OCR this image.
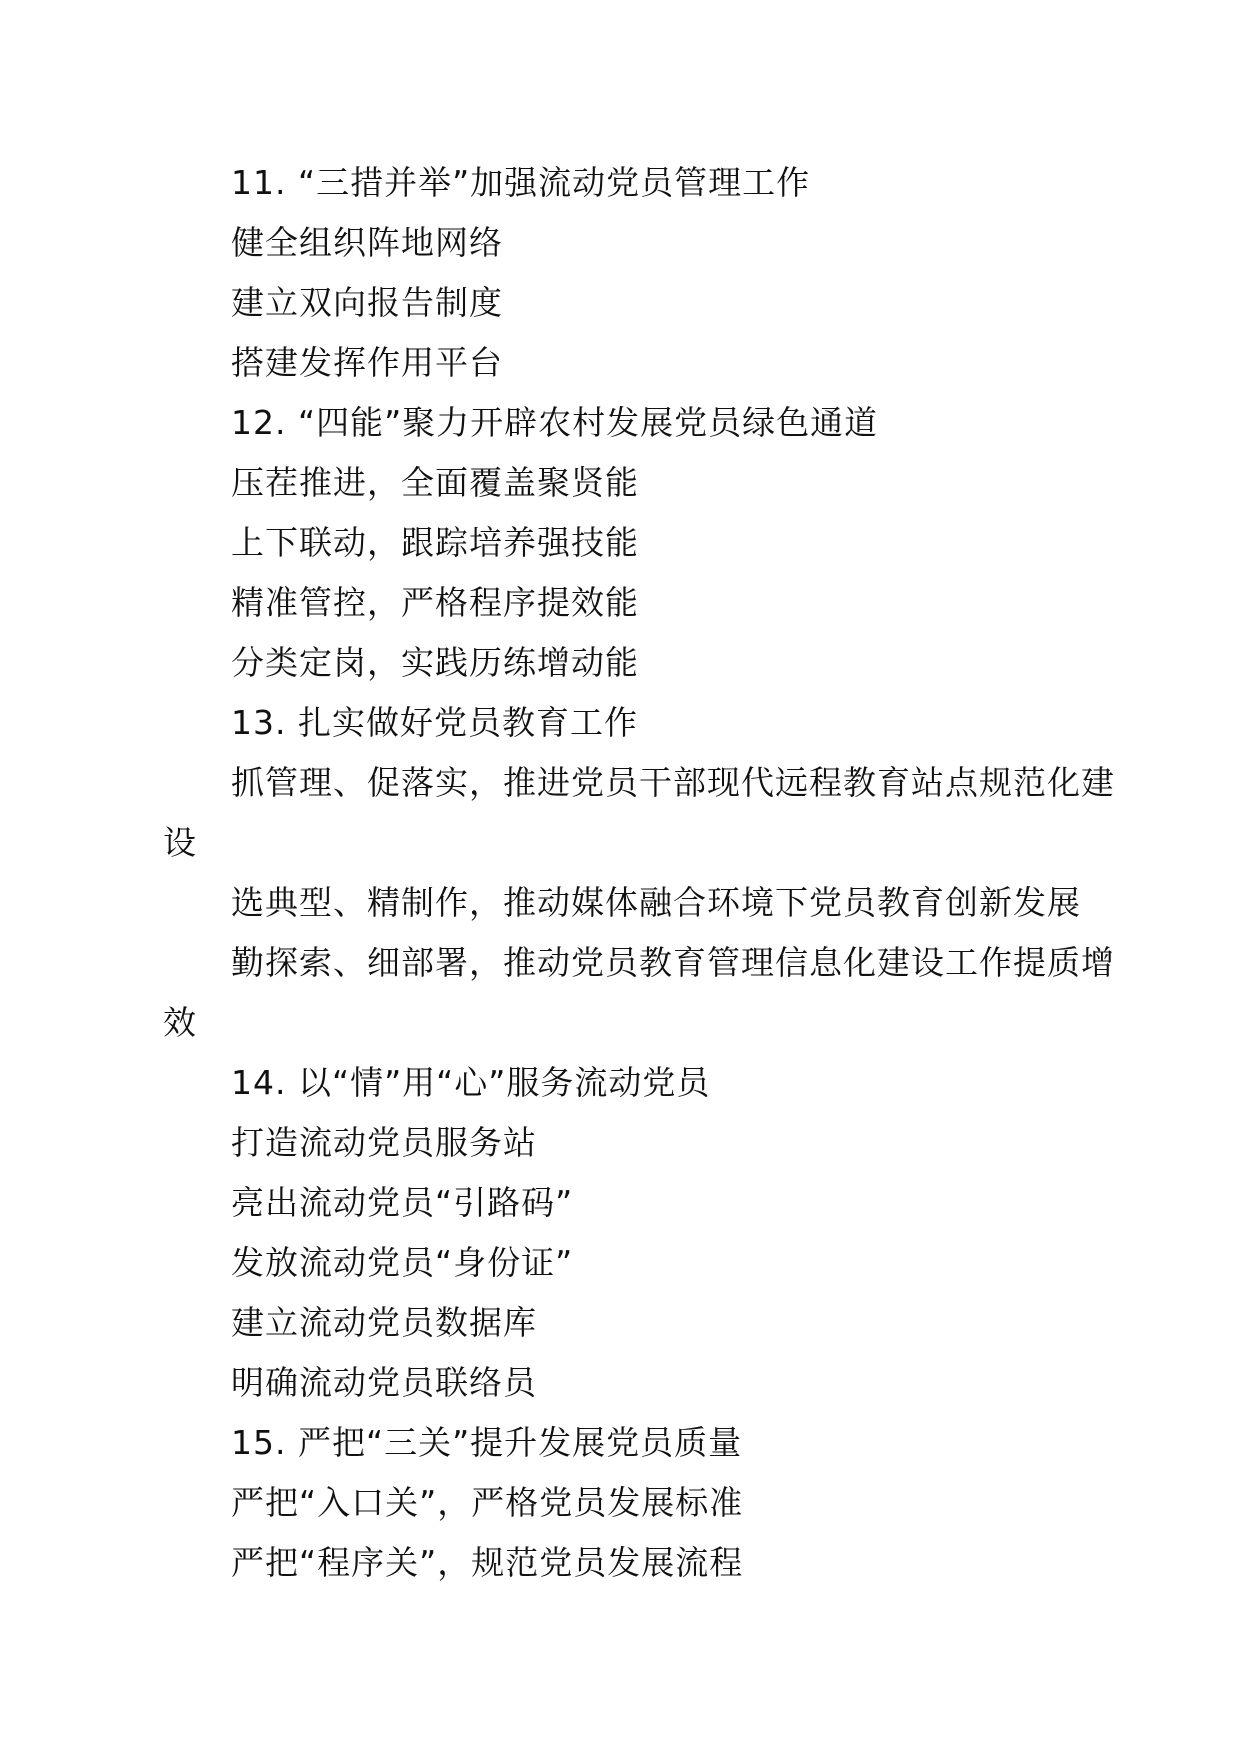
11. “三措并举”加强流动党员管理工作
健全组织阵地网络
建立双向报告制度
搭建发挥作用平台
12. “四能”聚力开辟农村发展党员绿色通道
压茬推进，全面覆盖聚贤能
上下联动，跟踪培养强技能
精准管控，严格程序提效能
分类定岗，实践历练增动能
13. 扎实做好党员教育工作
抓管理、促落实，推进党员干部现代远程教育站点规范化建
设
选典型、精制作，推动媒体融合环境下党员教育创新发展
勤探索、细部署，推动党员教育管理信息化建设工作提质增
效
14. 以“情”用“心”服务流动党员
打造流动党员服务站
亮出流动党员“引路码”
发放流动党员“身份证”
建立流动党员数据库
明确流动党员联络员
15. 严把“三关”提升发展党员质量
严把“入口关”，严格党员发展标准
严把“程序关”，规范党员发展流程
